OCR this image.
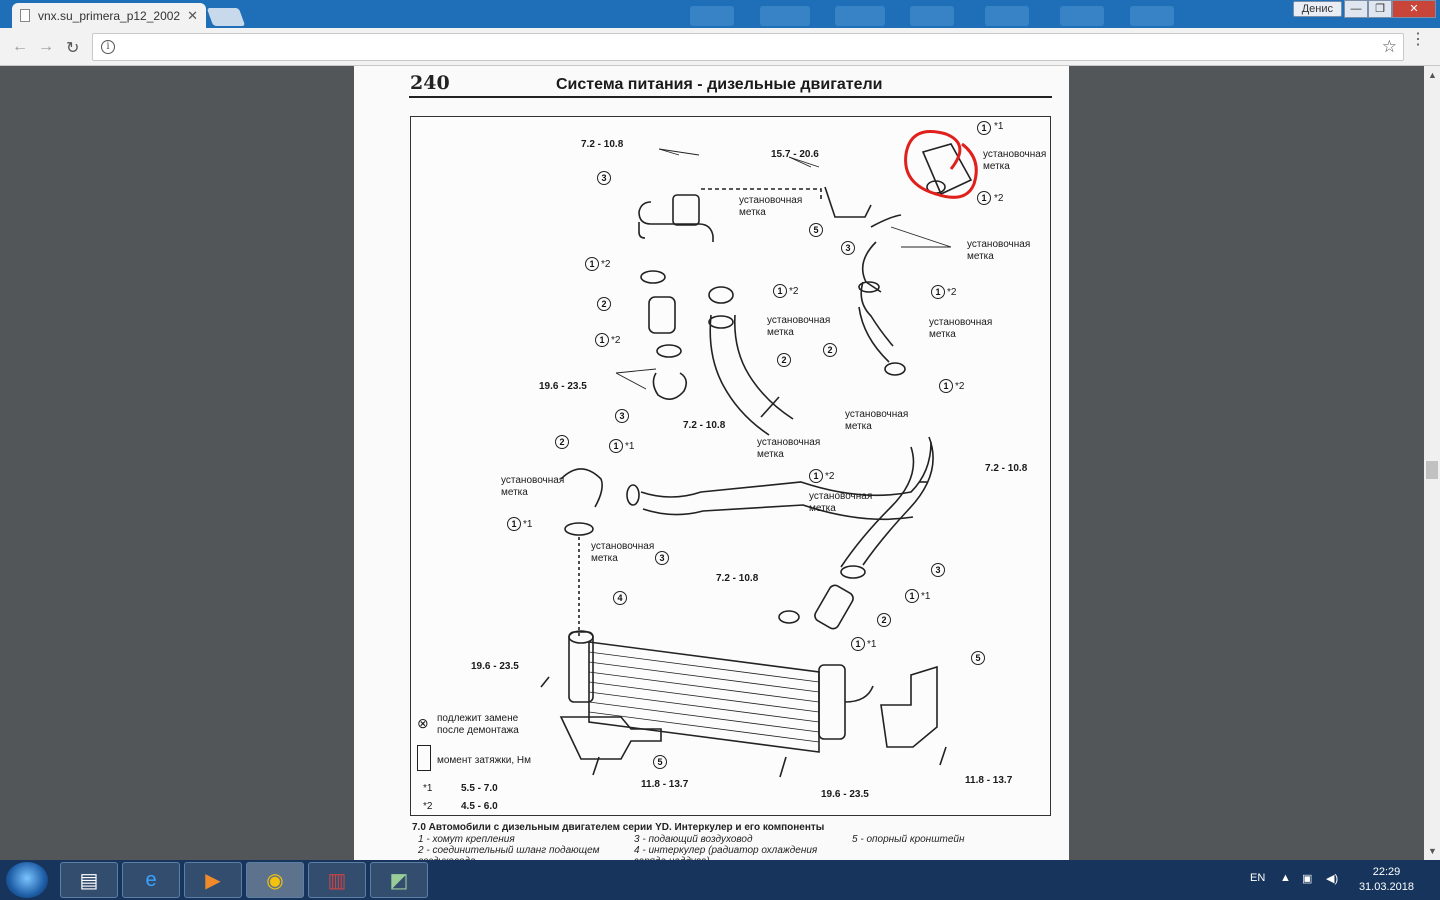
vnx.su_primera_p12_2002 ✕	Денис	—	❐	✕
← → ↻	i	☆ ⋮
240	Система питания - дизельные двигатели
7.2 - 10.8
15.7 - 20.6
19.6 - 23.5
7.2 - 10.8
7.2 - 10.8
7.2 - 10.8
19.6 - 23.5
11.8 - 13.7
19.6 - 23.5
11.8 - 13.7
установочная
метка
установочная
метка
установочная
метка
установочная
метка
установочная
метка
установочная
метка
установочная
метка
установочная
метка	установочная
метка
установочная
метка
3
5
3
1
1
1
1	1
2
1
2
2
1
3
1
2
1
1
3
3
1
4
2
1
5
5
*1
*2
*2
*2	*2
*2
*2
*1
*2
*1
*1
*1
⊗ подлежит замене
после демонтажа
момент затяжки, Нм
*1	5.5 - 7.0
*2	4.5 - 6.0
7.0 Автомобили с дизельным двигателем серии YD. Интеркулер и его компоненты
1 - хомут крепления
2 - соединительный шланг подающем
3 - подающий воздуховод
4 - интеркулер (радиатор охлаждения
5 - опорный кронштейн
▲
▼
▤	e	▶	◉	▥	◩	EN ▲ ▣ ◀)
22:29
31.03.2018
